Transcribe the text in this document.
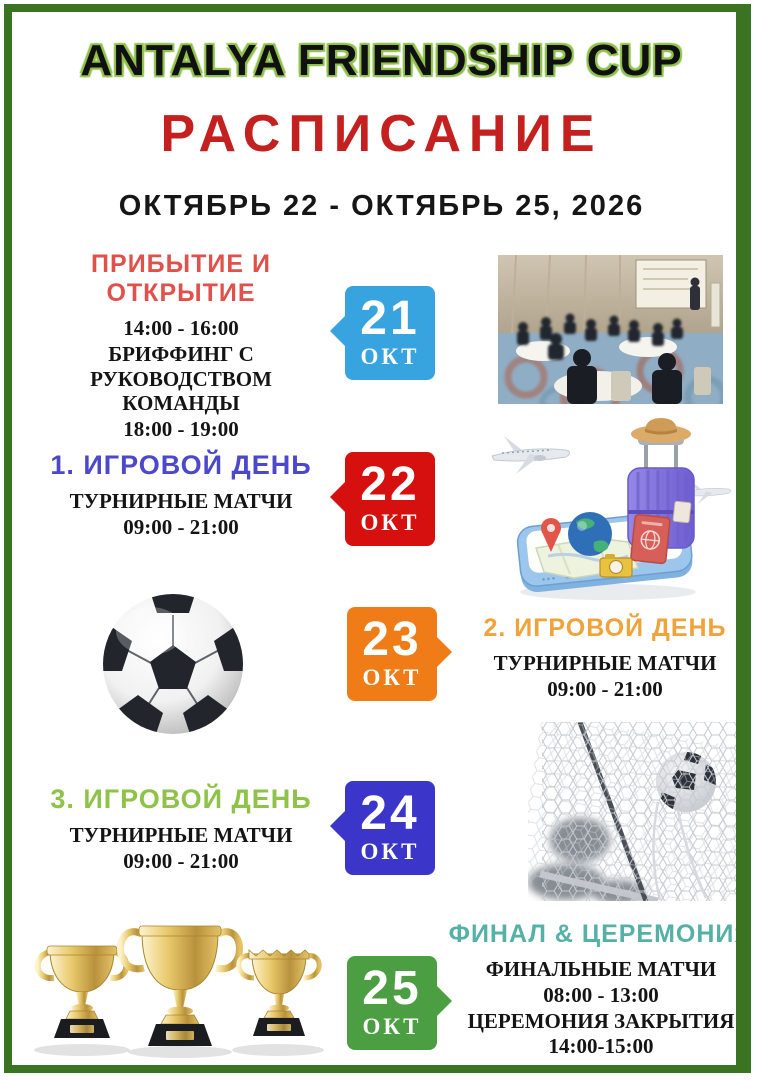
ANTALYA FRIENDSHIP CUP
РАСПИСАНИЕ
ОКТЯБРЬ 22 - ОКТЯБРЬ 25, 2026
ПРИБЫТИЕ И ОТКРЫТИЕ
14:00 - 16:00
БРИФФИНГ С РУКОВОДСТВОМ КОМАНДЫ
18:00 - 19:00
21
ОКТ
1. ИГРОВОЙ ДЕНЬ
ТУРНИРНЫЕ МАТЧИ
09:00 - 21:00
22
ОКТ
23
ОКТ
2. ИГРОВОЙ ДЕНЬ
ТУРНИРНЫЕ МАТЧИ
09:00 - 21:00
3. ИГРОВОЙ ДЕНЬ
ТУРНИРНЫЕ МАТЧИ
09:00 - 21:00
24
ОКТ
25
ОКТ
ФИНАЛ & ЦЕРЕМОНИЯ
ФИНАЛЬНЫЕ МАТЧИ
08:00 - 13:00
ЦЕРЕМОНИЯ ЗАКРЫТИЯ
14:00-15:00
